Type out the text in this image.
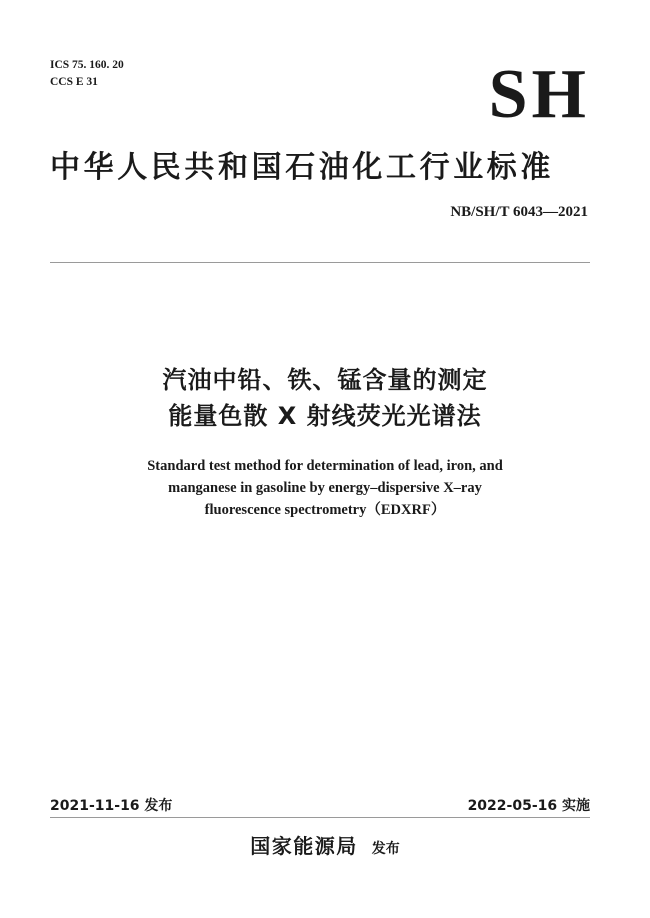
ICS 75. 160. 20
CCS E 31	SH
中华人民共和国石油化工行业标准
NB/SH/T 6043—2021
汽油中铅、铁、锰含量的测定
能量色散 X 射线荧光光谱法
Standard test method for determination of lead, iron, and
manganese in gasoline by energy–dispersive X–ray
fluorescence spectrometry（EDXRF）
2021-11-16 发布	2022-05-16 实施
国家能源局 发布
